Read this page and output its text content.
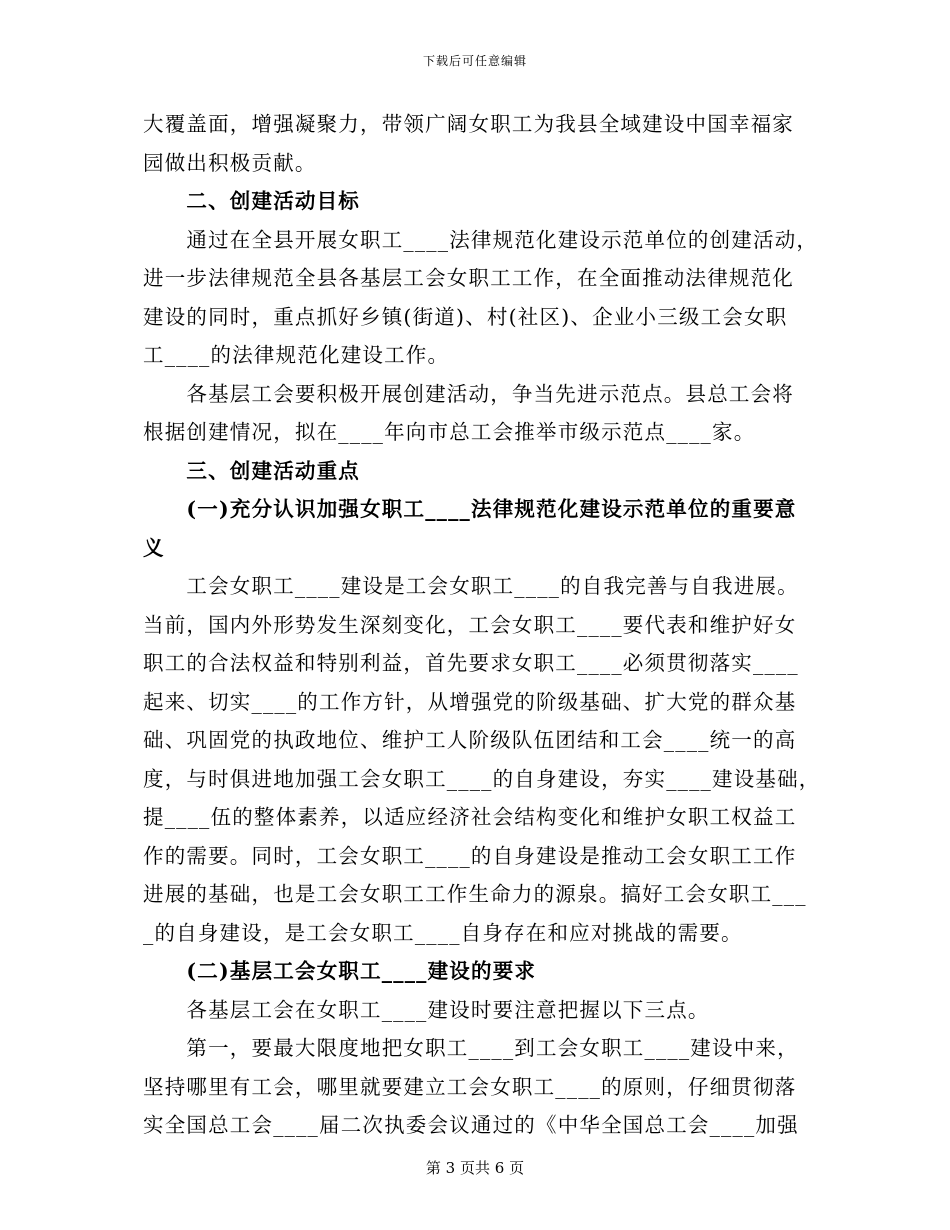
下载后可任意编辑
大覆盖面，增强凝聚力，带领广阔女职工为我县全域建设中国幸福家
园做出积极贡献。
　　二、创建活动目标
　　通过在全县开展女职工____法律规范化建设示范单位的创建活动，
进一步法律规范全县各基层工会女职工工作，在全面推动法律规范化
建设的同时，重点抓好乡镇(街道)、村(社区)、企业小三级工会女职
工____的法律规范化建设工作。
　　各基层工会要积极开展创建活动，争当先进示范点。县总工会将
根据创建情况，拟在____年向市总工会推举市级示范点____家。
　　三、创建活动重点
　　(一)充分认识加强女职工____法律规范化建设示范单位的重要意
义
　　工会女职工____建设是工会女职工____的自我完善与自我进展。
当前，国内外形势发生深刻变化，工会女职工____要代表和维护好女
职工的合法权益和特别利益，首先要求女职工____必须贯彻落实____
起来、切实____的工作方针，从增强党的阶级基础、扩大党的群众基
础、巩固党的执政地位、维护工人阶级队伍团结和工会____统一的高
度，与时俱进地加强工会女职工____的自身建设，夯实____建设基础，
提____伍的整体素养，以适应经济社会结构变化和维护女职工权益工
作的需要。同时，工会女职工____的自身建设是推动工会女职工工作
进展的基础，也是工会女职工工作生命力的源泉。搞好工会女职工___
_的自身建设，是工会女职工____自身存在和应对挑战的需要。
　　(二)基层工会女职工____建设的要求
　　各基层工会在女职工____建设时要注意把握以下三点。
　　第一，要最大限度地把女职工____到工会女职工____建设中来，
坚持哪里有工会，哪里就要建立工会女职工____的原则，仔细贯彻落
实全国总工会____届二次执委会议通过的《中华全国总工会____加强
第 3 页共 6 页
